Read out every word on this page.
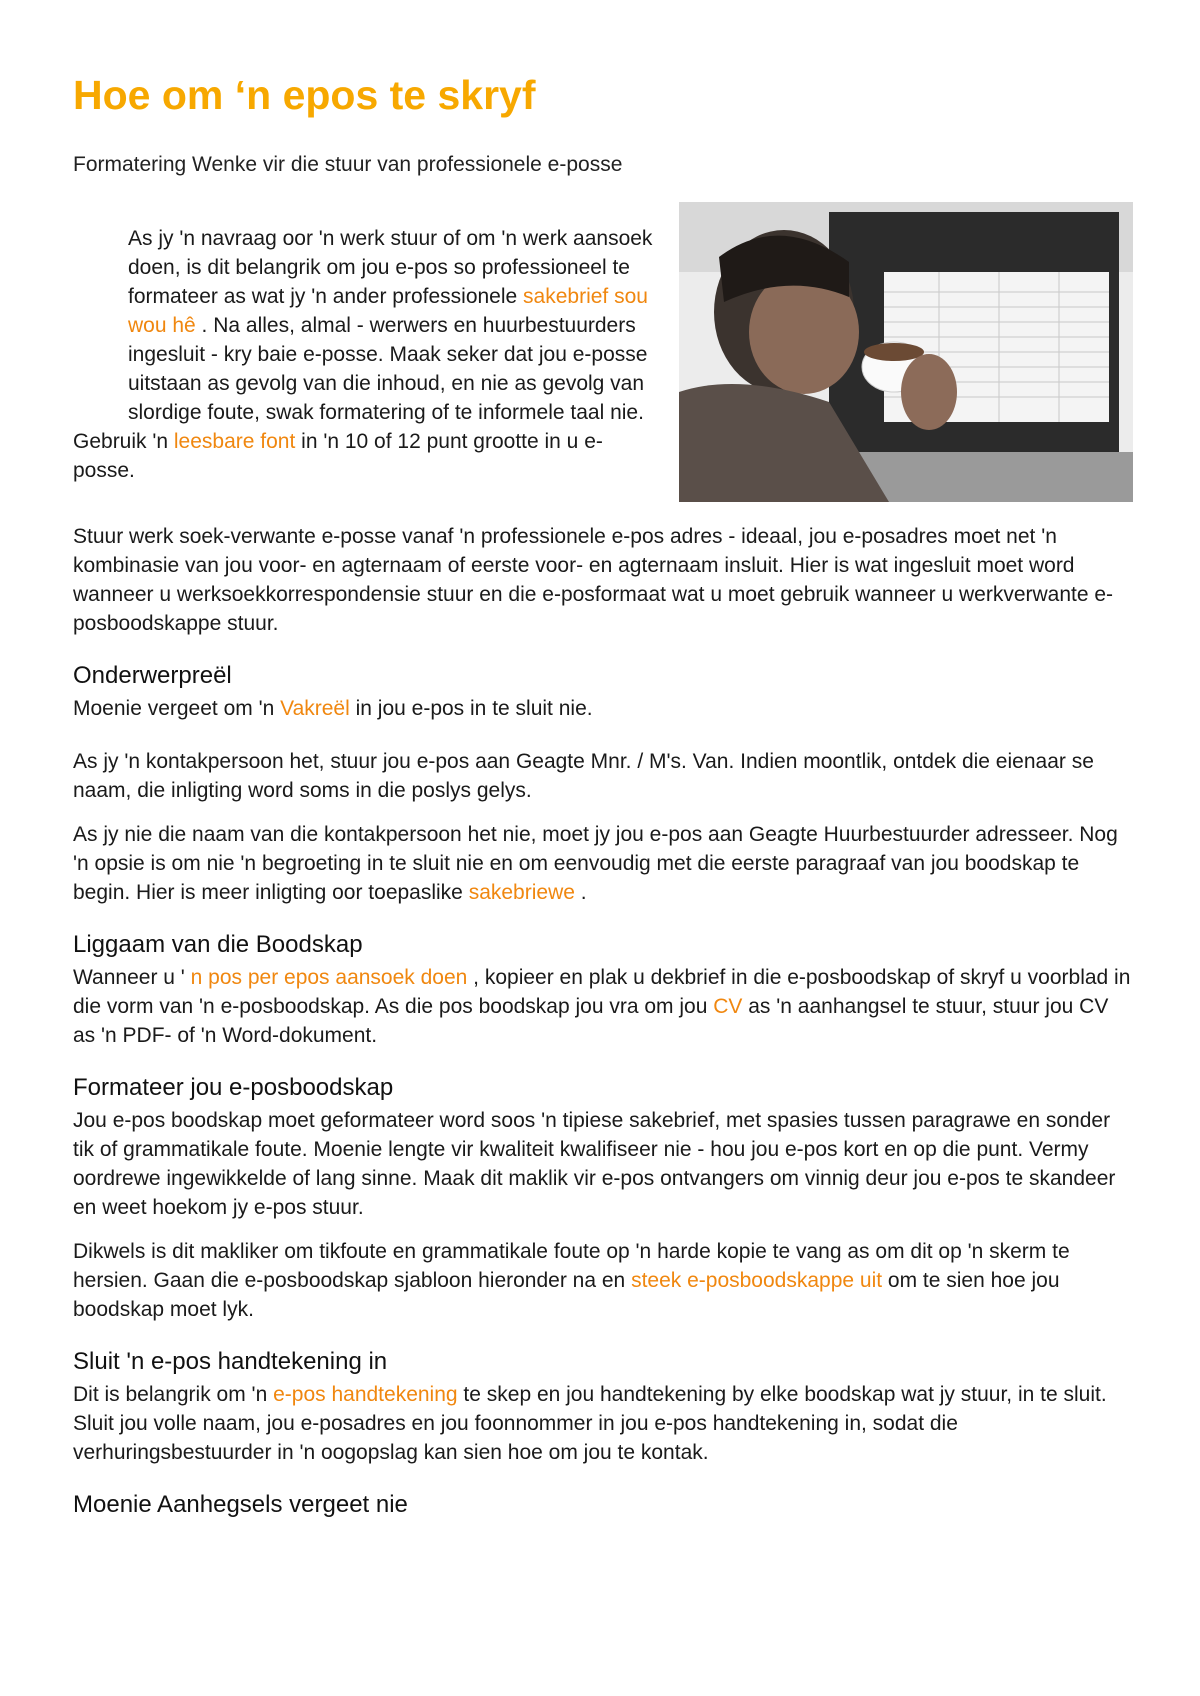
Hoe om ‘n epos te skryf
Formatering Wenke vir die stuur van professionele e-posse

As jy 'n navraag oor 'n werk stuur of om 'n werk aansoek doen, is dit belangrik om jou e-pos so professioneel te formateer as wat jy 'n ander professionele sakebrief sou wou hê . Na alles, almal - werwers en huurbestuurders ingesluit - kry baie e-posse. Maak seker dat jou e-posse uitstaan as gevolg van die inhoud, en nie as gevolg van slordige foute, swak formatering of te informele taal nie.

Gebruik 'n leesbare font in 'n 10 of 12 punt grootte in u e-posse.

Stuur werk soek-verwante e-posse vanaf 'n professionele e-pos adres - ideaal, jou e-posadres moet net 'n kombinasie van jou voor- en agternaam of eerste voor- en agternaam insluit. Hier is wat ingesluit moet word wanneer u werksoekkorrespondensie stuur en die e-posformaat wat u moet gebruik wanneer u werkverwante e-posboodskappe stuur.

Onderwerpreël

Moenie vergeet om 'n Vakreël in jou e-pos in te sluit nie.

As jy 'n kontakpersoon het, stuur jou e-pos aan Geagte Mnr. / M's. Van. Indien moontlik, ontdek die eienaar se naam, die inligting word soms in die poslys gelys.

As jy nie die naam van die kontakpersoon het nie, moet jy jou e-pos aan Geagte Huurbestuurder adresseer. Nog 'n opsie is om nie 'n begroeting in te sluit nie en om eenvoudig met die eerste paragraaf van jou boodskap te begin. Hier is meer inligting oor toepaslike sakebriewe .

Liggaam van die Boodskap

Wanneer u ' n pos per epos aansoek doen , kopieer en plak u dekbrief in die e-posboodskap of skryf u voorblad in die vorm van 'n e-posboodskap. As die pos boodskap jou vra om jou CV as 'n aanhangsel te stuur, stuur jou CV as 'n PDF- of 'n Word-dokument.

Formateer jou e-posboodskap

Jou e-pos boodskap moet geformateer word soos 'n tipiese sakebrief, met spasies tussen paragrawe en sonder tik of grammatikale foute. Moenie lengte vir kwaliteit kwalifiseer nie - hou jou e-pos kort en op die punt. Vermy oordrewe ingewikkelde of lang sinne. Maak dit maklik vir e-pos ontvangers om vinnig deur jou e-pos te skandeer en weet hoekom jy e-pos stuur.

Dikwels is dit makliker om tikfoute en grammatikale foute op 'n harde kopie te vang as om dit op 'n skerm te hersien. Gaan die e-posboodskap sjabloon hieronder na en steek e-posboodskappe uit om te sien hoe jou boodskap moet lyk.

Sluit 'n e-pos handtekening in

Dit is belangrik om 'n e-pos handtekening te skep en jou handtekening by elke boodskap wat jy stuur, in te sluit. Sluit jou volle naam, jou e-posadres en jou foonnommer in jou e-pos handtekening in, sodat die verhuringsbestuurder in 'n oogopslag kan sien hoe om jou te kontak.

Moenie Aanhegsels vergeet nie
